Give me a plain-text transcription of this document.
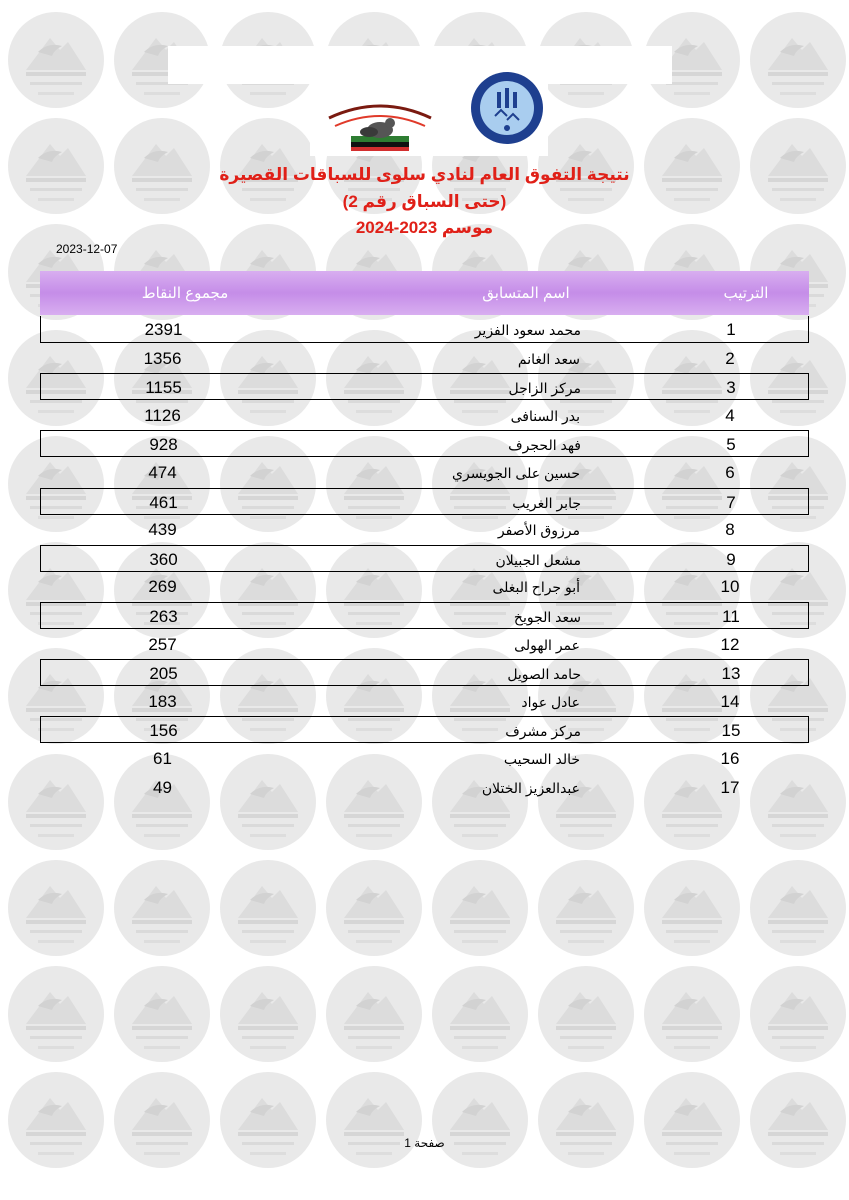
نتيجة التفوق العام لنادي سلوى للسباقات القصيرة
(حتى السباق رقم 2)
موسم 2023-2024
2023-12-07
الترتيب
اسم المتسابق
مجموع النقاط
1
محمد سعود الفزير
2391
2
سعد الغانم
1356
3
مركز الزاجل
1155
4
بدر السنافى
1126
5
فهد الحجرف
928
6
حسين على الجويسري
474
7
جابر الغريب
461
8
مرزوق الأصفر
439
9
مشعل الجبيلان
360
10
أبو جراح البغلى
269
11
سعد الجويخ
263
12
عمر الهولى
257
13
حامد الصويل
205
14
عادل عواد
183
15
مركز مشرف
156
16
خالد السحيب
61
17
عبدالعزيز الختلان
49
صفحة 1
